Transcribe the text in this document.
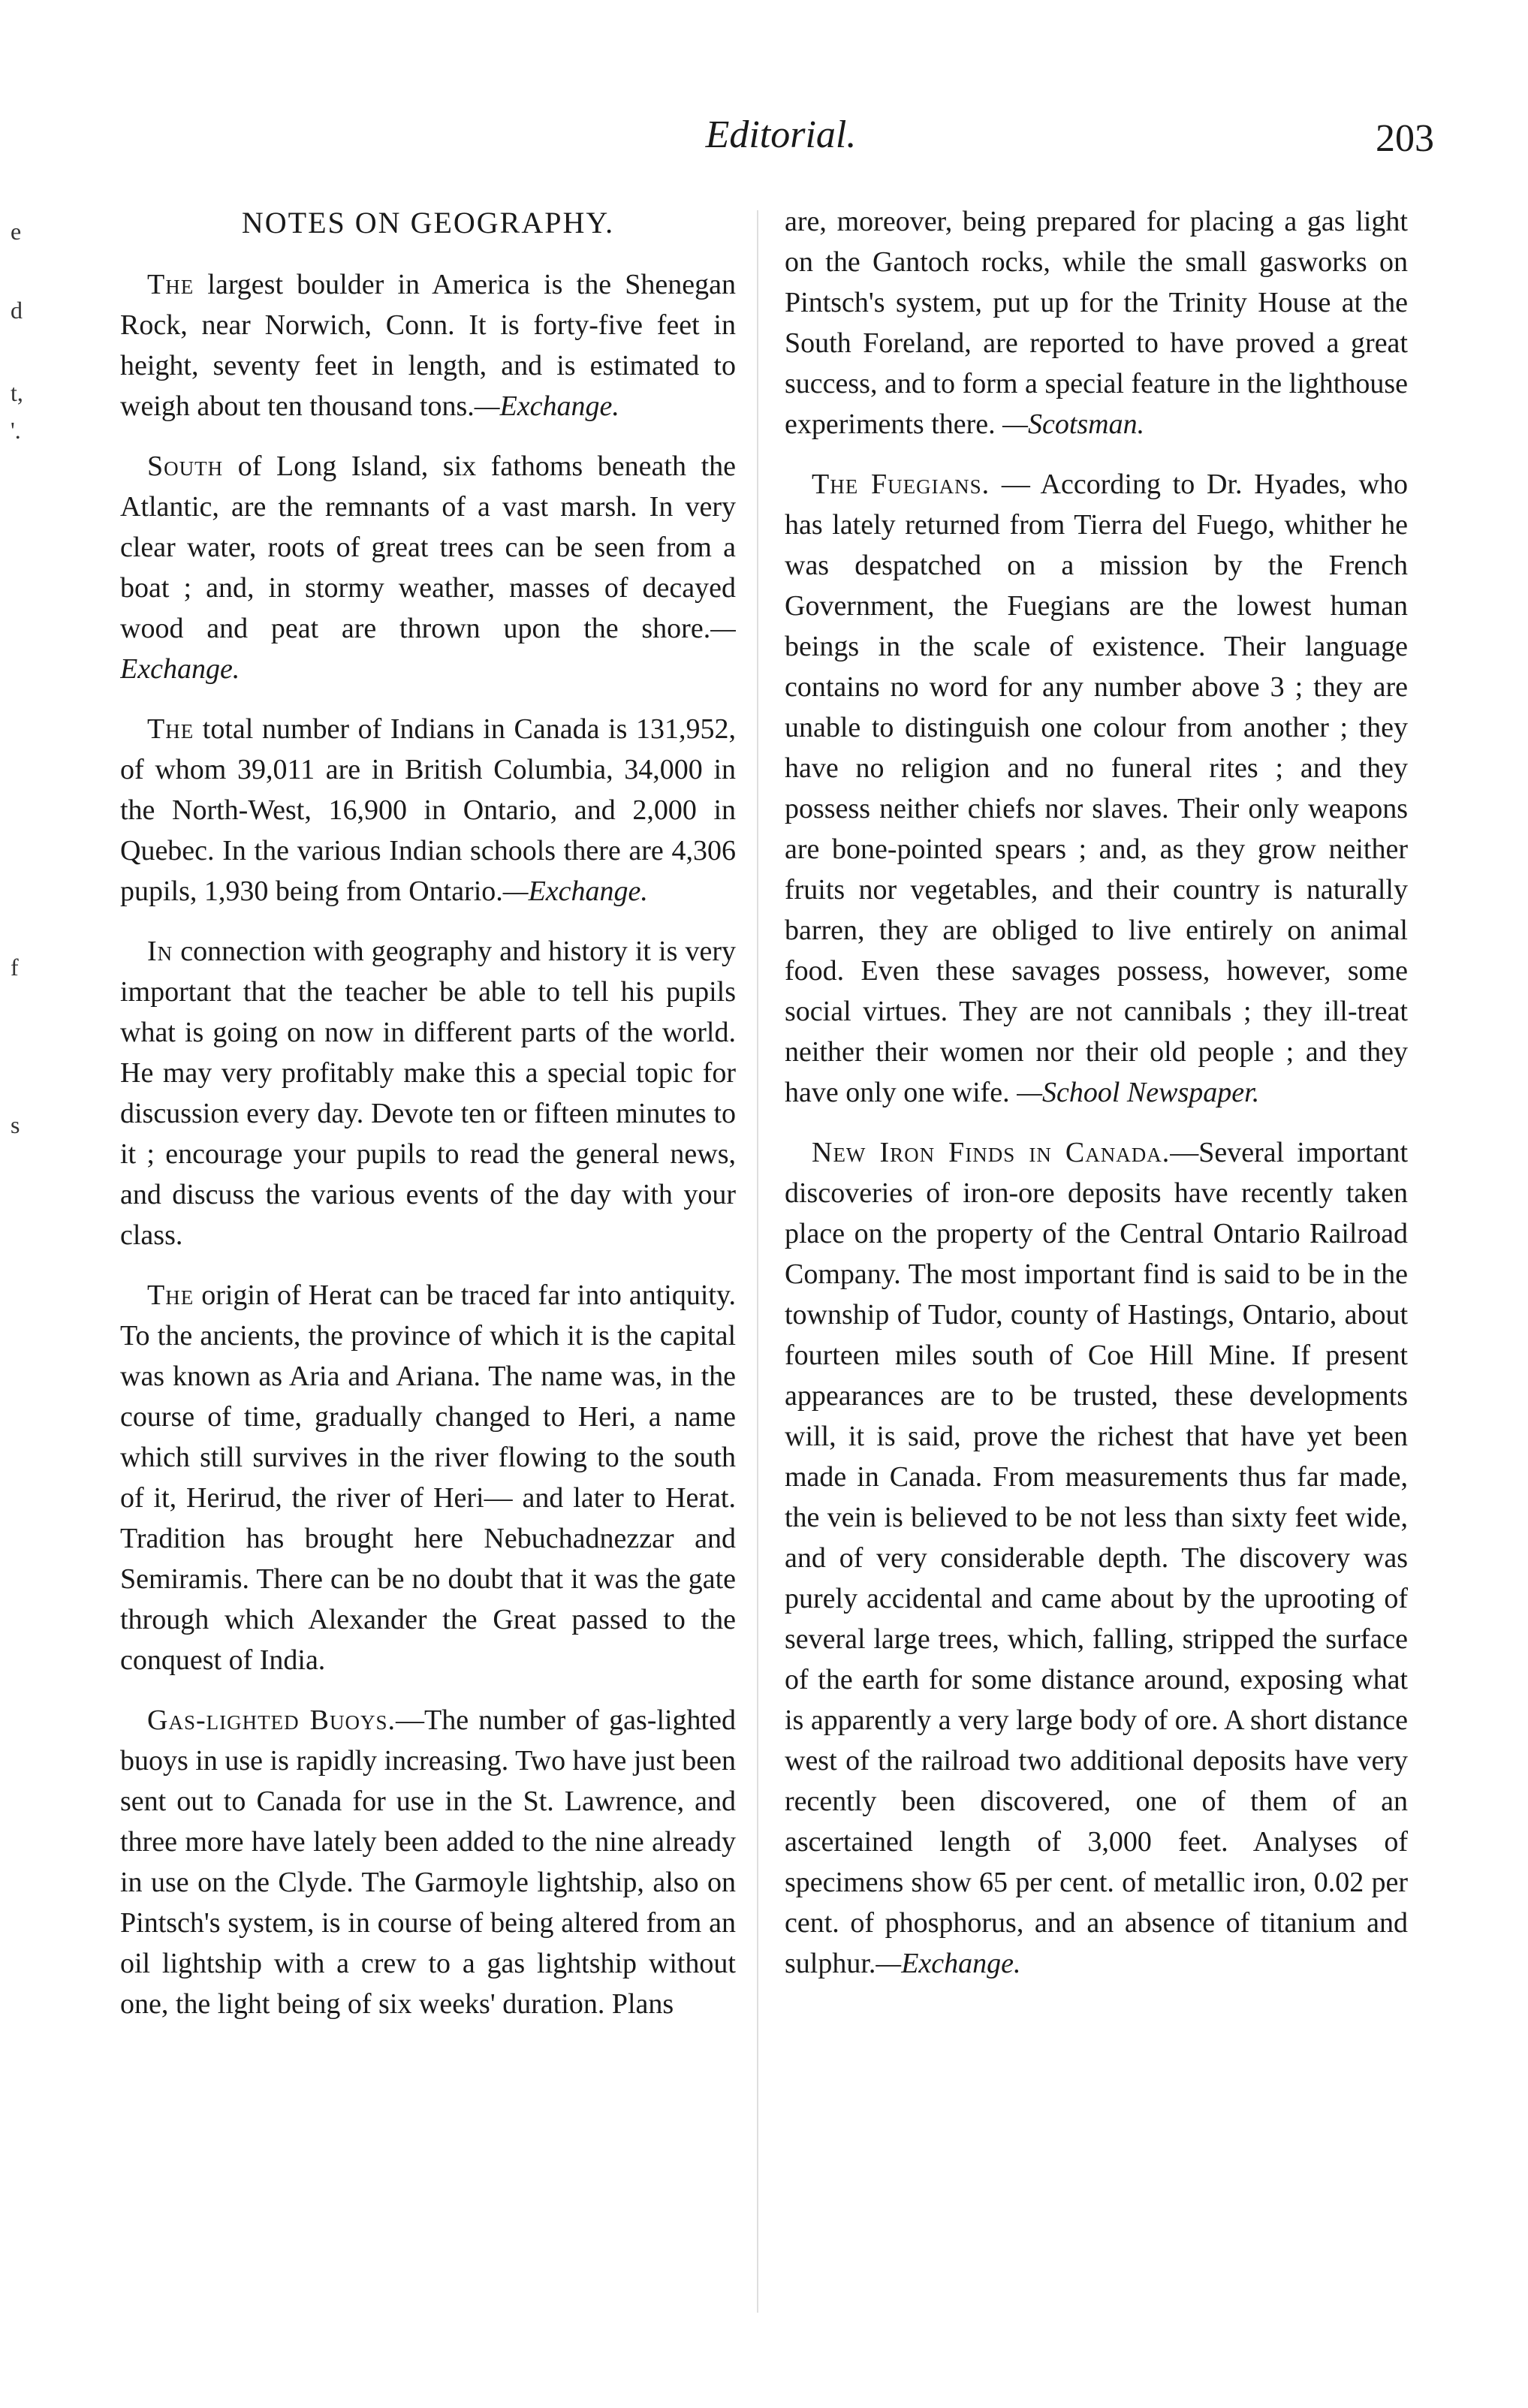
Editorial.	203
e
d
t,
'.
f
s
NOTES ON GEOGRAPHY.

The largest boulder in America is the Shenegan Rock, near Norwich, Conn. It is forty-five feet in height, seventy feet in length, and is estimated to weigh about ten thousand tons.—Exchange.

South of Long Island, six fathoms beneath the Atlantic, are the remnants of a vast marsh. In very clear water, roots of great trees can be seen from a boat ; and, in stormy weather, masses of decayed wood and peat are thrown upon the shore.—Exchange.

The total number of Indians in Canada is 131,952, of whom 39,011 are in British Columbia, 34,000 in the North-West, 16,900 in Ontario, and 2,000 in Quebec. In the various Indian schools there are 4,306 pupils, 1,930 being from Ontario.—Exchange.

In connection with geography and history it is very important that the teacher be able to tell his pupils what is going on now in different parts of the world. He may very profitably make this a special topic for discussion every day. Devote ten or fifteen minutes to it ; encourage your pupils to read the general news, and discuss the various events of the day with your class.

The origin of Herat can be traced far into antiquity. To the ancients, the province of which it is the capital was known as Aria and Ariana. The name was, in the course of time, gradually changed to Heri, a name which still survives in the river flowing to the south of it, Herirud, the river of Heri— and later to Herat. Tradition has brought here Nebuchadnezzar and Semiramis. There can be no doubt that it was the gate through which Alexander the Great passed to the conquest of India.

Gas-lighted Buoys.—The number of gas-lighted buoys in use is rapidly increasing. Two have just been sent out to Canada for use in the St. Lawrence, and three more have lately been added to the nine already in use on the Clyde. The Garmoyle lightship, also on Pintsch's system, is in course of being altered from an oil lightship with a crew to a gas lightship without one, the light being of six weeks' duration. Plans

are, moreover, being prepared for placing a gas light on the Gantoch rocks, while the small gasworks on Pintsch's system, put up for the Trinity House at the South Foreland, are reported to have proved a great success, and to form a special feature in the lighthouse experiments there. —Scotsman.

The Fuegians. — According to Dr. Hyades, who has lately returned from Tierra del Fuego, whither he was despatched on a mission by the French Government, the Fuegians are the lowest human beings in the scale of existence. Their language contains no word for any number above 3 ; they are unable to distinguish one colour from another ; they have no religion and no funeral rites ; and they possess neither chiefs nor slaves. Their only weapons are bone-pointed spears ; and, as they grow neither fruits nor vegetables, and their country is naturally barren, they are obliged to live entirely on animal food. Even these savages possess, however, some social virtues. They are not cannibals ; they ill-treat neither their women nor their old people ; and they have only one wife. —School Newspaper.

New Iron Finds in Canada.—Several important discoveries of iron-ore deposits have recently taken place on the property of the Central Ontario Railroad Company. The most important find is said to be in the township of Tudor, county of Hastings, Ontario, about fourteen miles south of Coe Hill Mine. If present appearances are to be trusted, these developments will, it is said, prove the richest that have yet been made in Canada. From measurements thus far made, the vein is believed to be not less than sixty feet wide, and of very considerable depth. The discovery was purely accidental and came about by the uprooting of several large trees, which, falling, stripped the surface of the earth for some distance around, exposing what is apparently a very large body of ore. A short distance west of the railroad two additional deposits have very recently been discovered, one of them of an ascertained length of 3,000 feet. Analyses of specimens show 65 per cent. of metallic iron, 0.02 per cent. of phosphorus, and an absence of titanium and sulphur.—Exchange.
